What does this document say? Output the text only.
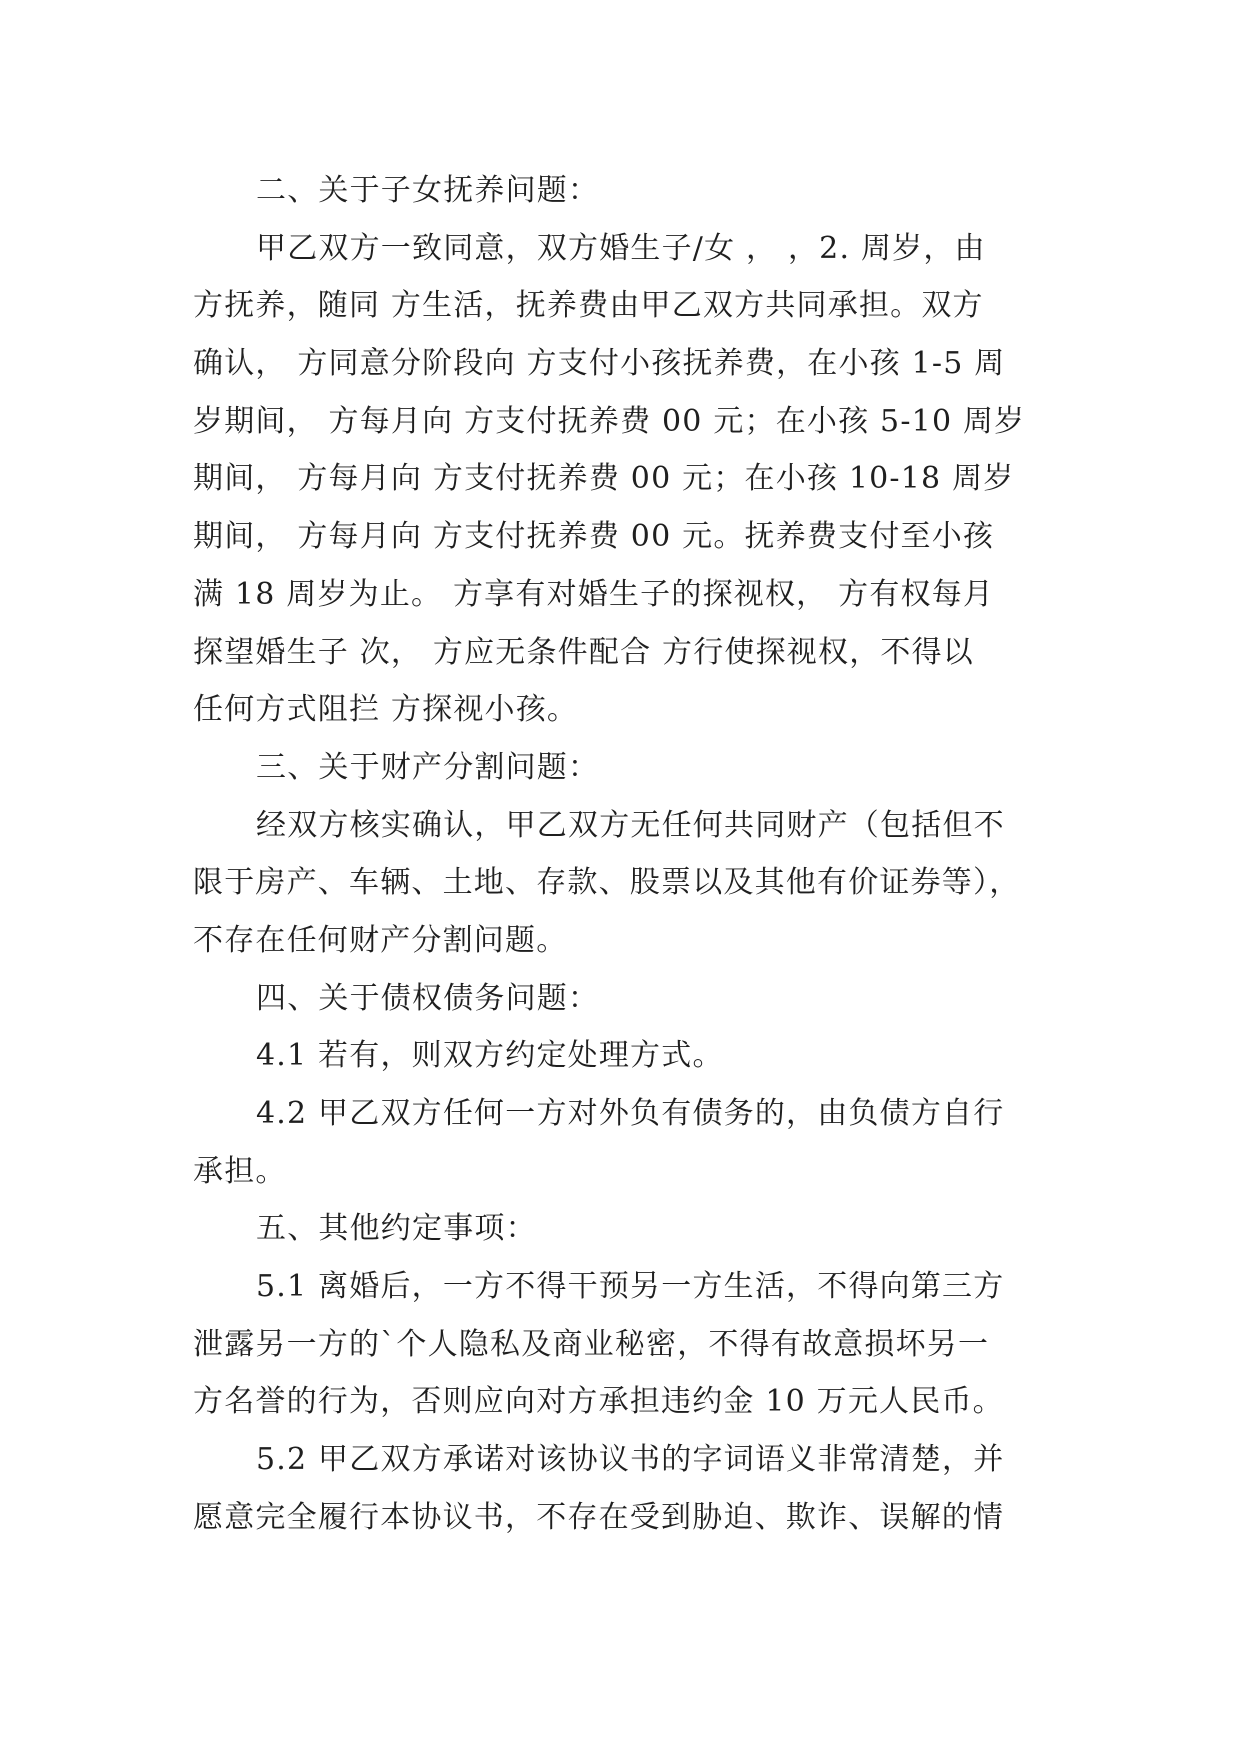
二、关于子女抚养问题：
甲乙双方一致同意，双方婚生子/女 ， ，2. 周岁，由
方抚养，随同 方生活，抚养费由甲乙双方共同承担。双方
确认， 方同意分阶段向 方支付小孩抚养费，在小孩 1-5 周
岁期间， 方每月向 方支付抚养费 00 元；在小孩 5-10 周岁
期间， 方每月向 方支付抚养费 00 元；在小孩 10-18 周岁
期间， 方每月向 方支付抚养费 00 元。抚养费支付至小孩
满 18 周岁为止。 方享有对婚生子的探视权， 方有权每月
探望婚生子 次， 方应无条件配合 方行使探视权，不得以
任何方式阻拦 方探视小孩。
三、关于财产分割问题：
经双方核实确认，甲乙双方无任何共同财产（包括但不
限于房产、车辆、土地、存款、股票以及其他有价证券等），
不存在任何财产分割问题。
四、关于债权债务问题：
4.1 若有，则双方约定处理方式。
4.2 甲乙双方任何一方对外负有债务的，由负债方自行
承担。
五、其他约定事项：
5.1 离婚后，一方不得干预另一方生活，不得向第三方
泄露另一方的`个人隐私及商业秘密，不得有故意损坏另一
方名誉的行为，否则应向对方承担违约金 10 万元人民币。
5.2 甲乙双方承诺对该协议书的字词语义非常清楚，并
愿意完全履行本协议书，不存在受到胁迫、欺诈、误解的情
